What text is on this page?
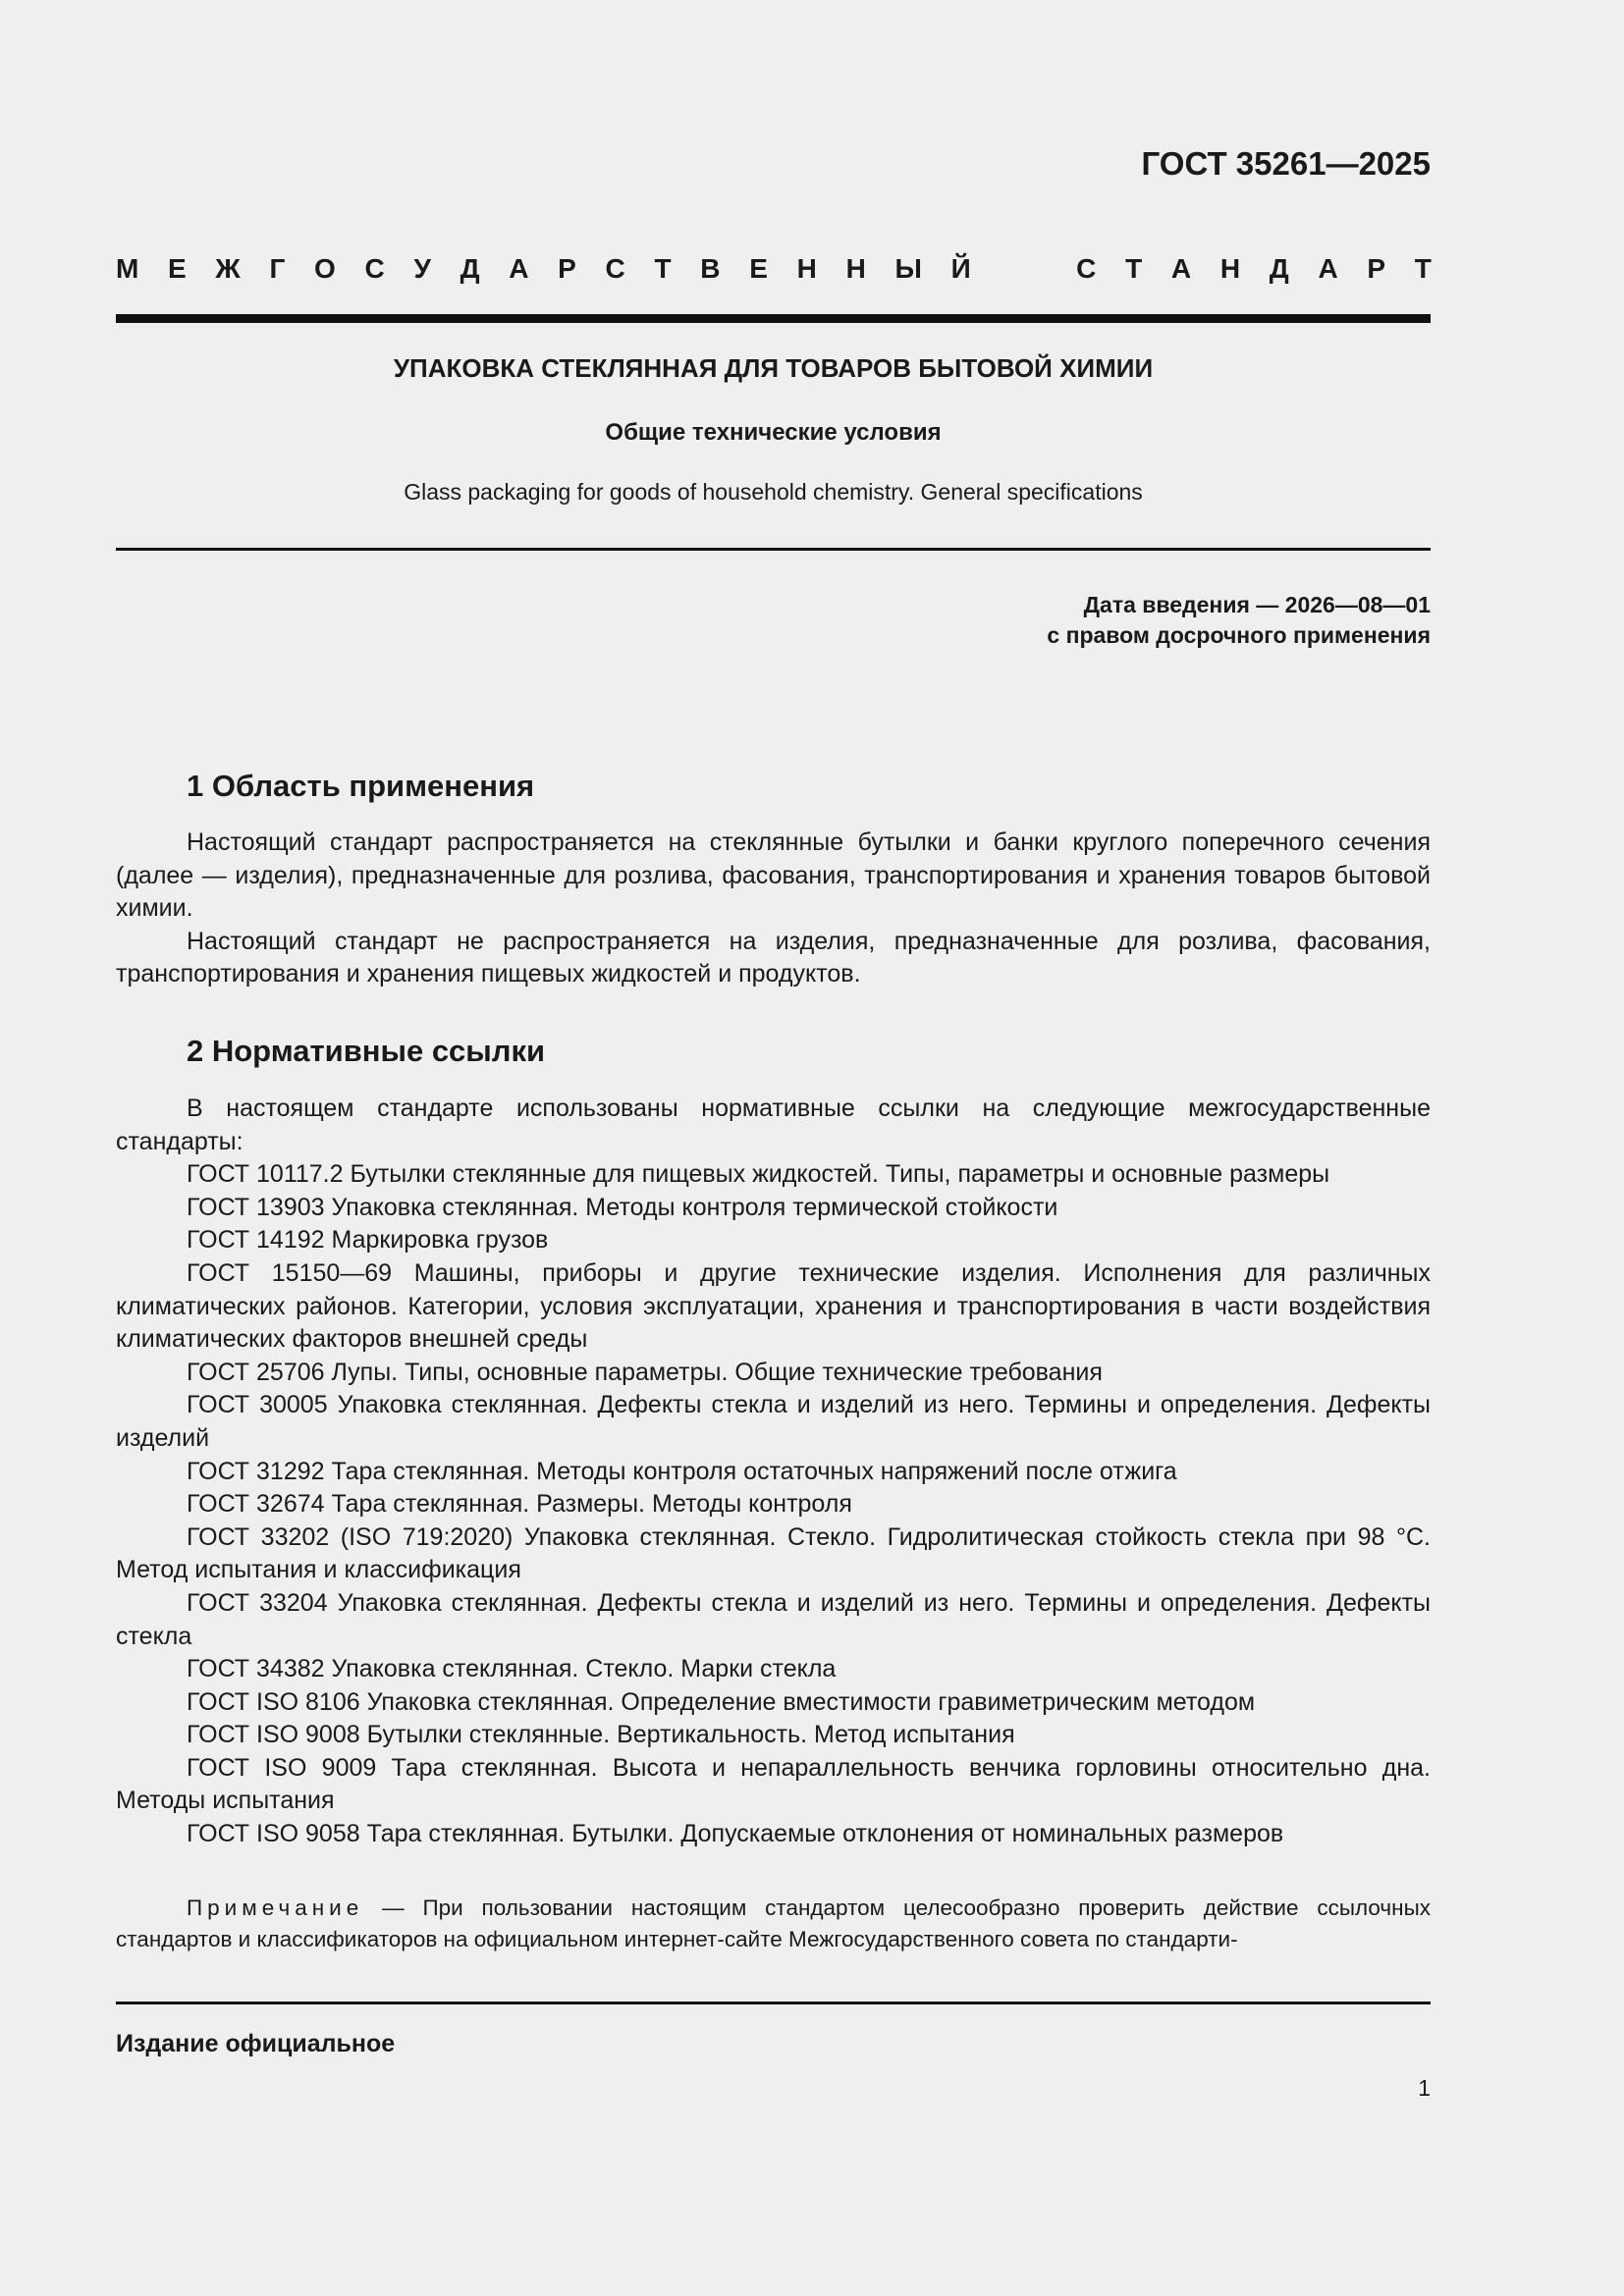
ГОСТ 35261—2025
М Е Ж Г О С У Д А Р С Т В Е Н Н Ы Й	С Т А Н Д А Р Т
УПАКОВКА СТЕКЛЯННАЯ ДЛЯ ТОВАРОВ БЫТОВОЙ ХИМИИ
Общие технические условия
Glass packaging for goods of household chemistry. General specifications
Дата введения — 2026—08—01
с правом досрочного применения
1 Область применения

Настоящий стандарт распространяется на стеклянные бутылки и банки круглого поперечного сечения (далее — изделия), предназначенные для розлива, фасования, транспортирования и хранения товаров бытовой химии.

Настоящий стандарт не распространяется на изделия, предназначенные для розлива, фасования, транспортирования и хранения пищевых жидкостей и продуктов.

2 Нормативные ссылки

В настоящем стандарте использованы нормативные ссылки на следующие межгосударственные стандарты:

ГОСТ 10117.2 Бутылки стеклянные для пищевых жидкостей. Типы, параметры и основные размеры

ГОСТ 13903 Упаковка стеклянная. Методы контроля термической стойкости

ГОСТ 14192 Маркировка грузов

ГОСТ 15150—69 Машины, приборы и другие технические изделия. Исполнения для различных климатических районов. Категории, условия эксплуатации, хранения и транспортирования в части воздействия климатических факторов внешней среды

ГОСТ 25706 Лупы. Типы, основные параметры. Общие технические требования

ГОСТ 30005 Упаковка стеклянная. Дефекты стекла и изделий из него. Термины и определения. Дефекты изделий

ГОСТ 31292 Тара стеклянная. Методы контроля остаточных напряжений после отжига

ГОСТ 32674 Тара стеклянная. Размеры. Методы контроля

ГОСТ 33202 (ISO 719:2020) Упаковка стеклянная. Стекло. Гидролитическая стойкость стекла при 98 °С. Метод испытания и классификация

ГОСТ 33204 Упаковка стеклянная. Дефекты стекла и изделий из него. Термины и определения. Дефекты стекла

ГОСТ 34382 Упаковка стеклянная. Стекло. Марки стекла

ГОСТ ISO 8106 Упаковка стеклянная. Определение вместимости гравиметрическим методом

ГОСТ ISO 9008 Бутылки стеклянные. Вертикальность. Метод испытания

ГОСТ ISO 9009 Тара стеклянная. Высота и непараллельность венчика горловины относительно дна. Методы испытания

ГОСТ ISO 9058 Тара стеклянная. Бутылки. Допускаемые отклонения от номинальных размеров

Примечание — При пользовании настоящим стандартом целесообразно проверить действие ссылочных стандартов и классификаторов на официальном интернет-сайте Межгосударственного совета по стандарти-

Издание официальное
1
